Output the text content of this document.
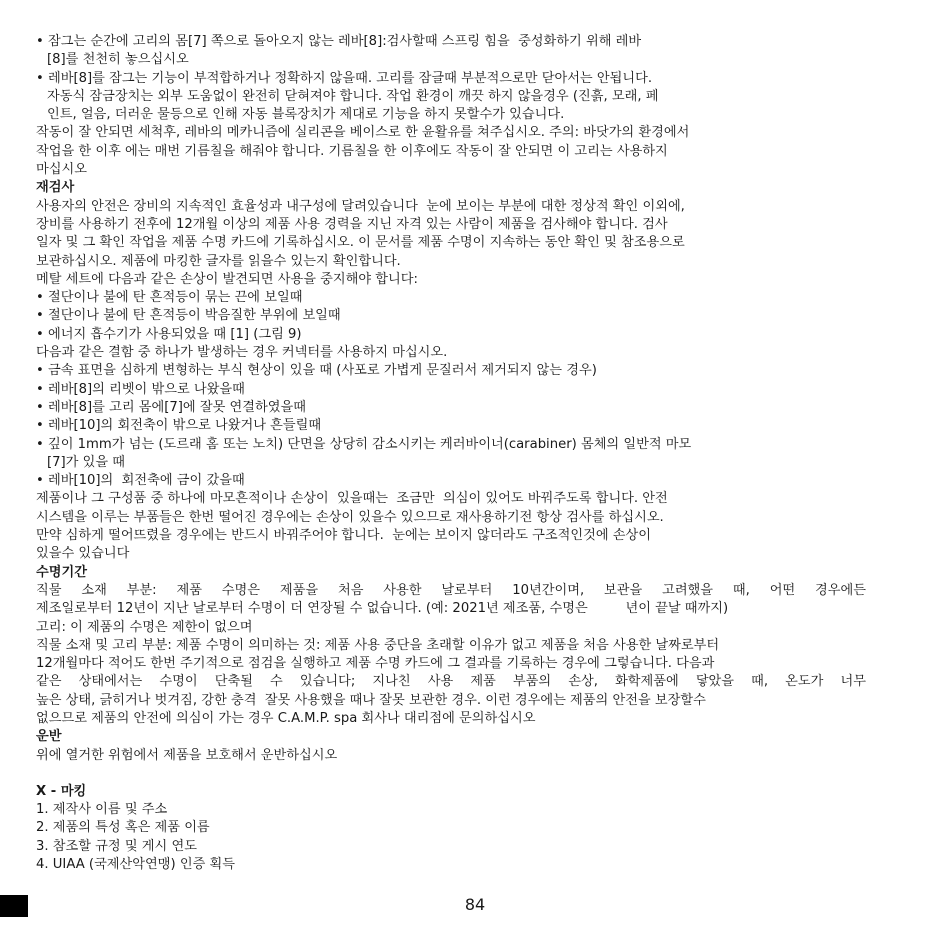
• 잠그는 순간에 고리의 몸[7] 쪽으로 돌아오지 않는 레바[8]:검사할때 스프링 힘을  중성화하기 위해 레바
[8]를 천천히 놓으십시오
• 레바[8]를 잠그는 기능이 부적합하거나 정확하지 않을때. 고리를 잠글때 부분적으로만 닫아서는 안됩니다.
자동식 잠금장치는 외부 도움없이 완전히 닫혀져야 합니다. 작업 환경이 깨끗 하지 않을경우 (진흙, 모래, 페
인트, 얼음, 더러운 물등으로 인해 자동 블록장치가 제대로 기능을 하지 못할수가 있습니다.
작동이 잘 안되면 세척후, 레바의 메카니즘에 실리콘을 베이스로 한 윤활유를 쳐주십시오. 주의: 바닷가의 환경에서
작업을 한 이후 에는 매번 기름칠을 해줘야 합니다. 기름칠을 한 이후에도 작동이 잘 안되면 이 고리는 사용하지
마십시오
재검사
사용자의 안전은 장비의 지속적인 효율성과 내구성에 달려있습니다  눈에 보이는 부분에 대한 정상적 확인 이외에,
장비를 사용하기 전후에 12개월 이상의 제품 사용 경력을 지닌 자격 있는 사람이 제품을 검사해야 합니다. 검사
일자 및 그 확인 작업을 제품 수명 카드에 기록하십시오. 이 문서를 제품 수명이 지속하는 동안 확인 및 참조용으로
보관하십시오. 제품에 마킹한 글자를 읽을수 있는지 확인합니다.
메탈 세트에 다음과 같은 손상이 발견되면 사용을 중지해야 합니다:
• 절단이나 불에 탄 흔적등이 묶는 끈에 보일때
• 절단이나 불에 탄 흔적등이 박음질한 부위에 보일때
• 에너지 흡수기가 사용되었을 때 [1] (그림 9)
다음과 같은 결함 중 하나가 발생하는 경우 커넥터를 사용하지 마십시오.
• 금속 표면을 심하게 변형하는 부식 현상이 있을 때 (사포로 가볍게 문질러서 제거되지 않는 경우)
• 레바[8]의 리벳이 밖으로 나왔을때
• 레바[8]를 고리 몸에[7]에 잘못 연결하였을때
• 레바[10]의 회전축이 밖으로 나왔거나 흔들릴때
• 깊이 1mm가 넘는 (도르래 홈 또는 노치) 단면을 상당히 감소시키는 케러바이너(carabiner) 몸체의 일반적 마모
[7]가 있을 때
• 레바[10]의  회전축에 금이 갔을때
제품이나 그 구성품 중 하나에 마모흔적이나 손상이  있을때는  조금만  의심이 있어도 바꿔주도록 합니다. 안전
시스템을 이루는 부품들은 한번 떨어진 경우에는 손상이 있을수 있으므로 재사용하기전 항상 검사를 하십시오.
만약 심하게 떨어뜨렸을 경우에는 반드시 바꿔주어야 합니다.  눈에는 보이지 않더라도 구조적인것에 손상이
있을수 있습니다
수명기간
직물 소재 부분: 제품 수명은 제품을 처음 사용한 날로부터 10년간이며, 보관을 고려했을 때, 어떤 경우에든
제조일로부터 12년이 지난 날로부터 수명이 더 연장될 수 없습니다. (예: 2021년 제조품, 수명은         년이 끝날 때까지)
고리: 이 제품의 수명은 제한이 없으며
직물 소재 및 고리 부분: 제품 수명이 의미하는 것: 제품 사용 중단을 초래할 이유가 없고 제품을 처음 사용한 날짜로부터
12개월마다 적어도 한번 주기적으로 점검을 실행하고 제품 수명 카드에 그 결과를 기록하는 경우에 그렇습니다. 다음과
같은 상태에서는 수명이 단축될 수 있습니다; 지나친 사용 제품 부품의 손상, 화학제품에 닿았을 때, 온도가 너무
높은 상태, 긁히거나 벗겨짐, 강한 충격  잘못 사용했을 때나 잘못 보관한 경우. 이런 경우에는 제품의 안전을 보장할수
없으므로 제품의 안전에 의심이 가는 경우 C.A.M.P. spa 회사나 대리점에 문의하십시오
운반
위에 열거한 위험에서 제품을 보호해서 운반하십시오
X - 마킹
1. 제작사 이름 및 주소
2. 제품의 특성 혹은 제품 이름
3. 참조할 규정 및 게시 연도
4. UIAA (국제산악연맹) 인증 획득
84
